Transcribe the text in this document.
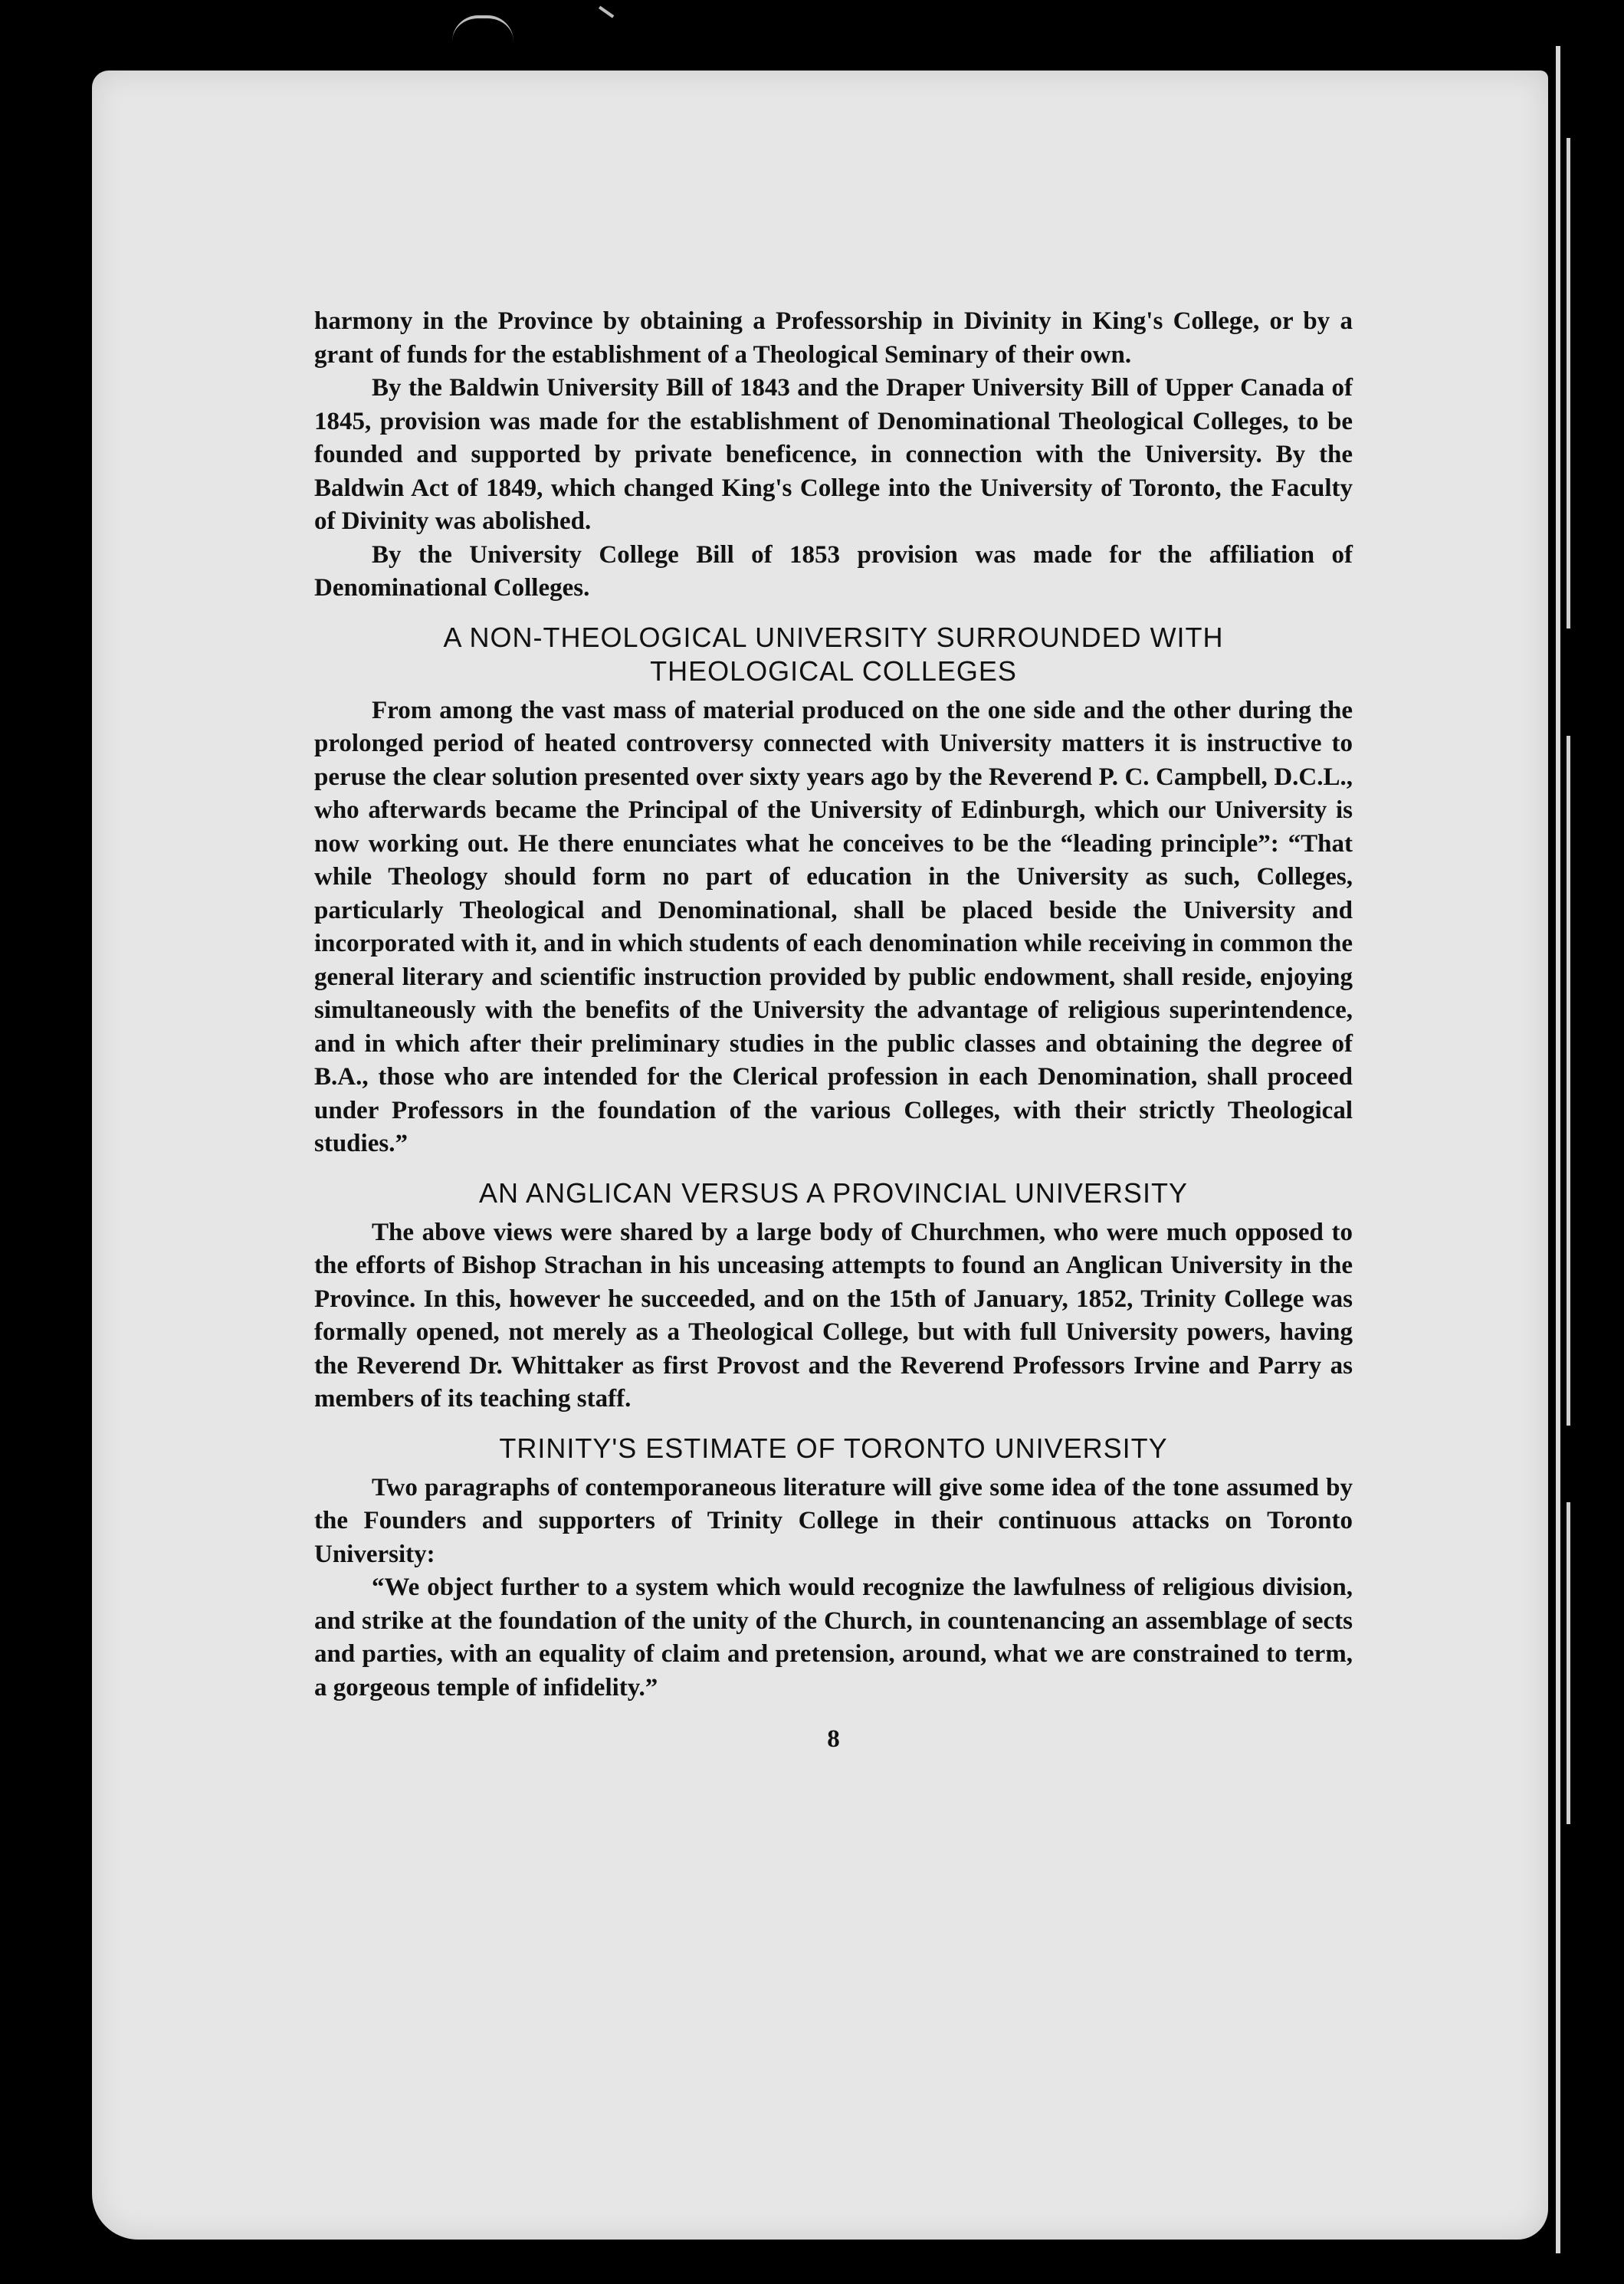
harmony in the Province by obtaining a Professorship in Divinity in King's College, or by a grant of funds for the establishment of a Theological Seminary of their own.

By the Baldwin University Bill of 1843 and the Draper University Bill of Upper Canada of 1845, provision was made for the establishment of Denominational Theological Colleges, to be founded and supported by private beneficence, in connection with the University. By the Baldwin Act of 1849, which changed King's College into the University of Toronto, the Faculty of Divinity was abolished.

By the University College Bill of 1853 provision was made for the affiliation of Denominational Colleges.

A NON-THEOLOGICAL UNIVERSITY SURROUNDED WITH
THEOLOGICAL COLLEGES

From among the vast mass of material produced on the one side and the other during the prolonged period of heated controversy connected with University matters it is instructive to peruse the clear solution presented over sixty years ago by the Reverend P. C. Campbell, D.C.L., who afterwards became the Principal of the University of Edinburgh, which our University is now working out. He there enunciates what he conceives to be the “leading principle”: “That while Theology should form no part of education in the University as such, Colleges, particularly Theological and Denominational, shall be placed beside the University and incorporated with it, and in which students of each denomination while receiving in common the general literary and scientific instruction provided by public endowment, shall reside, enjoying simultaneously with the benefits of the University the advantage of religious superintendence, and in which after their preliminary studies in the public classes and obtaining the degree of B.A., those who are intended for the Clerical profession in each Denomination, shall proceed under Professors in the foundation of the various Colleges, with their strictly Theological studies.”

AN ANGLICAN VERSUS A PROVINCIAL UNIVERSITY

The above views were shared by a large body of Churchmen, who were much opposed to the efforts of Bishop Strachan in his unceasing attempts to found an Anglican University in the Province. In this, however he succeeded, and on the 15th of January, 1852, Trinity College was formally opened, not merely as a Theological College, but with full University powers, having the Reverend Dr. Whittaker as first Provost and the Reverend Professors Irvine and Parry as members of its teaching staff.

TRINITY'S ESTIMATE OF TORONTO UNIVERSITY

Two paragraphs of contemporaneous literature will give some idea of the tone assumed by the Founders and supporters of Trinity College in their continuous attacks on Toronto University:

“We object further to a system which would recognize the lawfulness of religious division, and strike at the foundation of the unity of the Church, in countenancing an assemblage of sects and parties, with an equality of claim and pretension, around, what we are constrained to term, a gorgeous temple of infidelity.”

8
